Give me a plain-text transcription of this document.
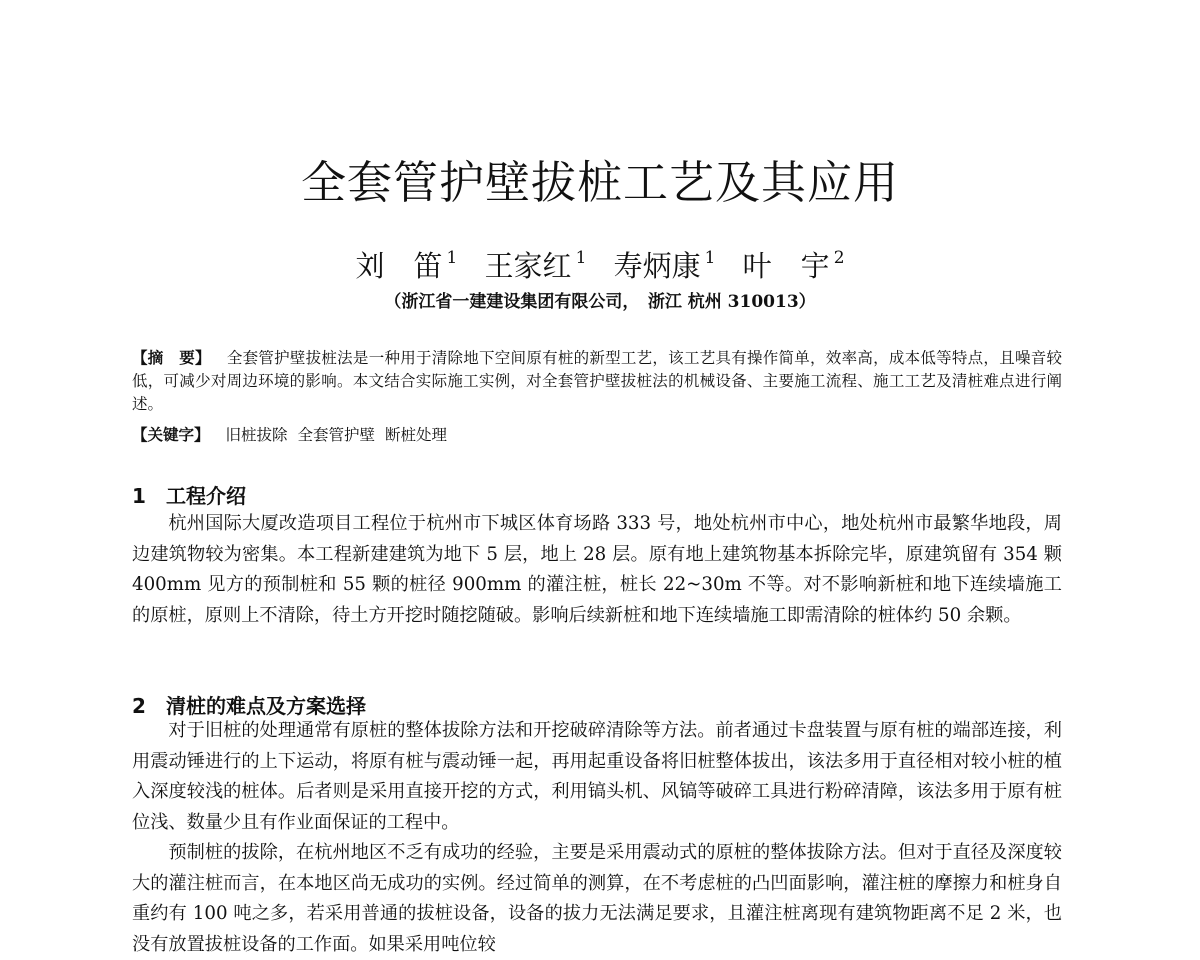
全套管护壁拔桩工艺及其应用
刘　笛 $^1$ 王家红 $^1$ 寿炳康 $^1$ 叶　宇 $^2$
（浙江省一建建设集团有限公司，　浙江 杭州 310013）

【摘　要】 全套管护壁拔桩法是一种用于清除地下空间原有桩的新型工艺，该工艺具有操作简单，效率高，成本低等特点，且噪音较低，可减少对周边环境的影响。本文结合实际施工实例，对全套管护壁拔桩法的机械设备、主要施工流程、施工工艺及清桩难点进行阐述。

【关键字】 旧桩拔除 全套管护壁 断桩处理

1 工程介绍

杭州国际大厦改造项目工程位于杭州市下城区体育场路 333 号，地处杭州市中心，地处杭州市最繁华地段，周边建筑物较为密集。本工程新建建筑为地下 5 层，地上 28 层。原有地上建筑物基本拆除完毕，原建筑留有 354 颗 400mm 见方的预制桩和 55 颗的桩径 900mm 的灌注桩，桩长 22~30m 不等。对不影响新桩和地下连续墙施工的原桩，原则上不清除，待土方开挖时随挖随破。影响后续新桩和地下连续墙施工即需清除的桩体约 50 余颗。

2 清桩的难点及方案选择

对于旧桩的处理通常有原桩的整体拔除方法和开挖破碎清除等方法。前者通过卡盘装置与原有桩的端部连接，利用震动锤进行的上下运动，将原有桩与震动锤一起，再用起重设备将旧桩整体拔出，该法多用于直径相对较小桩的植入深度较浅的桩体。后者则是采用直接开挖的方式，利用镐头机、风镐等破碎工具进行粉碎清障，该法多用于原有桩位浅、数量少且有作业面保证的工程中。

预制桩的拔除，在杭州地区不乏有成功的经验，主要是采用震动式的原桩的整体拔除方法。但对于直径及深度较大的灌注桩而言，在本地区尚无成功的实例。经过简单的测算，在不考虑桩的凸凹面影响，灌注桩的摩擦力和桩身自重约有 100 吨之多，若采用普通的拔桩设备，设备的拔力无法满足要求，且灌注桩离现有建筑物距离不足 2 米，也没有放置拔桩设备的工作面。如果采用吨位较
